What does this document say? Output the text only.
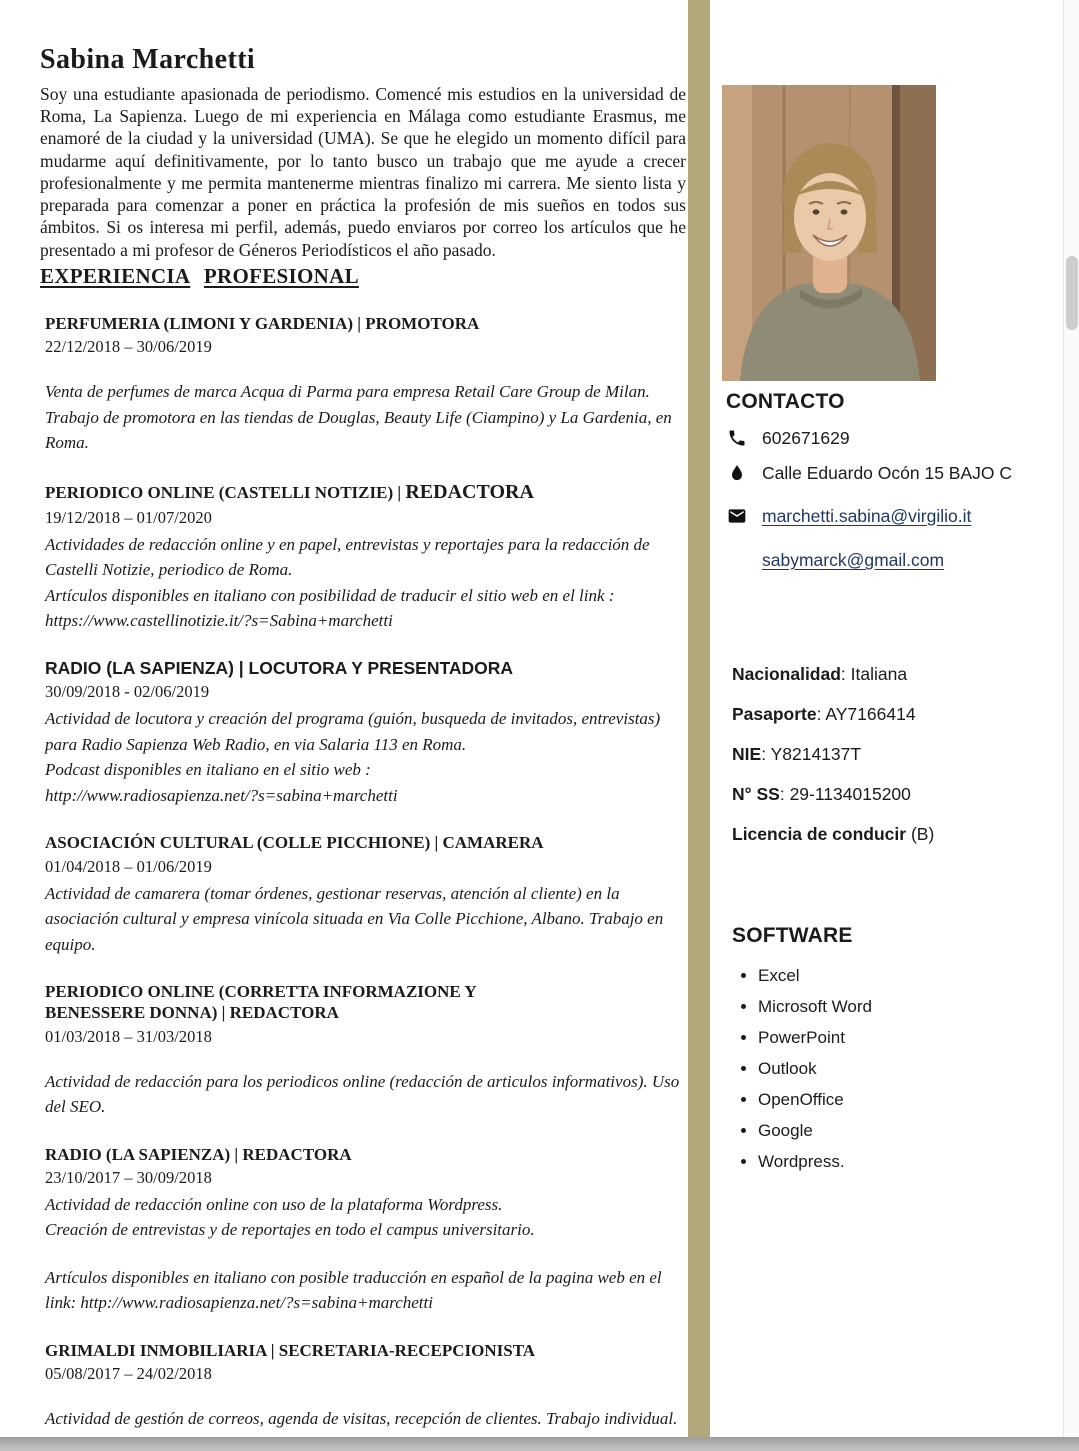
Sabina Marchetti

Soy una estudiante apasionada de periodismo. Comencé mis estudios en la universidad de Roma, La Sapienza. Luego de mi experiencia en Málaga como estudiante Erasmus, me enamoré de la ciudad y la universidad (UMA). Se que he elegido un momento difícil para mudarme aquí definitivamente, por lo tanto busco un trabajo que me ayude a crecer profesionalmente y me permita mantenerme mientras finalizo mi carrera. Me siento lista y preparada para comenzar a poner en práctica la profesión de mis sueños en todos sus ámbitos. Si os interesa mi perfil, además, puedo enviaros por correo los artículos que he presentado a mi profesor de Géneros Periodísticos el año pasado.

EXPERIENCIA PROFESIONAL
PERFUMERIA (LIMONI Y GARDENIA) | PROMOTORA
22/12/2018 – 30/06/2019

Venta de perfumes de marca Acqua di Parma para empresa Retail Care Group de Milan. Trabajo de promotora en las tiendas de Douglas, Beauty Life (Ciampino) y La Gardenia, en Roma.

PERIODICO ONLINE (CASTELLI NOTIZIE) | REDACTORA
19/12/2018 – 01/07/2020

Actividades de redacción online y en papel, entrevistas y reportajes para la redacción de Castelli Notizie, periodico de Roma.

Artículos disponibles en italiano con posibilidad de traducir el sitio web en el link : https://www.castellinotizie.it/?s=Sabina+marchetti

RADIO (LA SAPIENZA) | LOCUTORA Y PRESENTADORA
30/09/2018 - 02/06/2019

Actividad de locutora y creación del programa (guión, busqueda de invitados, entrevistas) para Radio Sapienza Web Radio, en via Salaria 113 en Roma.

Podcast disponibles en italiano en el sitio web :

http://www.radiosapienza.net/?s=sabina+marchetti

ASOCIACIÓN CULTURAL (COLLE PICCHIONE) | CAMARERA
01/04/2018 – 01/06/2019

Actividad de camarera (tomar órdenes, gestionar reservas, atención al cliente) en la asociación cultural y empresa vinícola situada en Via Colle Picchione, Albano. Trabajo en equipo.

PERIODICO ONLINE (CORRETTA INFORMAZIONE Y BENESSERE DONNA) | REDACTORA
01/03/2018 – 31/03/2018

Actividad de redacción para los periodicos online (redacción de articulos informativos). Uso del SEO.

RADIO (LA SAPIENZA) | REDACTORA
23/10/2017 – 30/09/2018

Actividad de redacción online con uso de la plataforma Wordpress.

Creación de entrevistas y de reportajes en todo el campus universitario.

Artículos disponibles en italiano con posible traducción en español de la pagina web en el link: http://www.radiosapienza.net/?s=sabina+marchetti

GRIMALDI INMOBILIARIA | SECRETARIA-RECEPCIONISTA
05/08/2017 – 24/02/2018

Actividad de gestión de correos, agenda de visitas, recepción de clientes. Trabajo individual.

CONTACTO
602671629
Calle Eduardo Ocón 15 BAJO C
marchetti.sabina@virgilio.it
sabymarck@gmail.com
Nacionalidad: Italiana
Pasaporte: AY7166414
NIE: Y8214137T
N° SS: 29-1134015200
Licencia de conducir (B)
SOFTWARE
• Excel
• Microsoft Word
• PowerPoint
• Outlook
• OpenOffice
• Google
• Wordpress.
